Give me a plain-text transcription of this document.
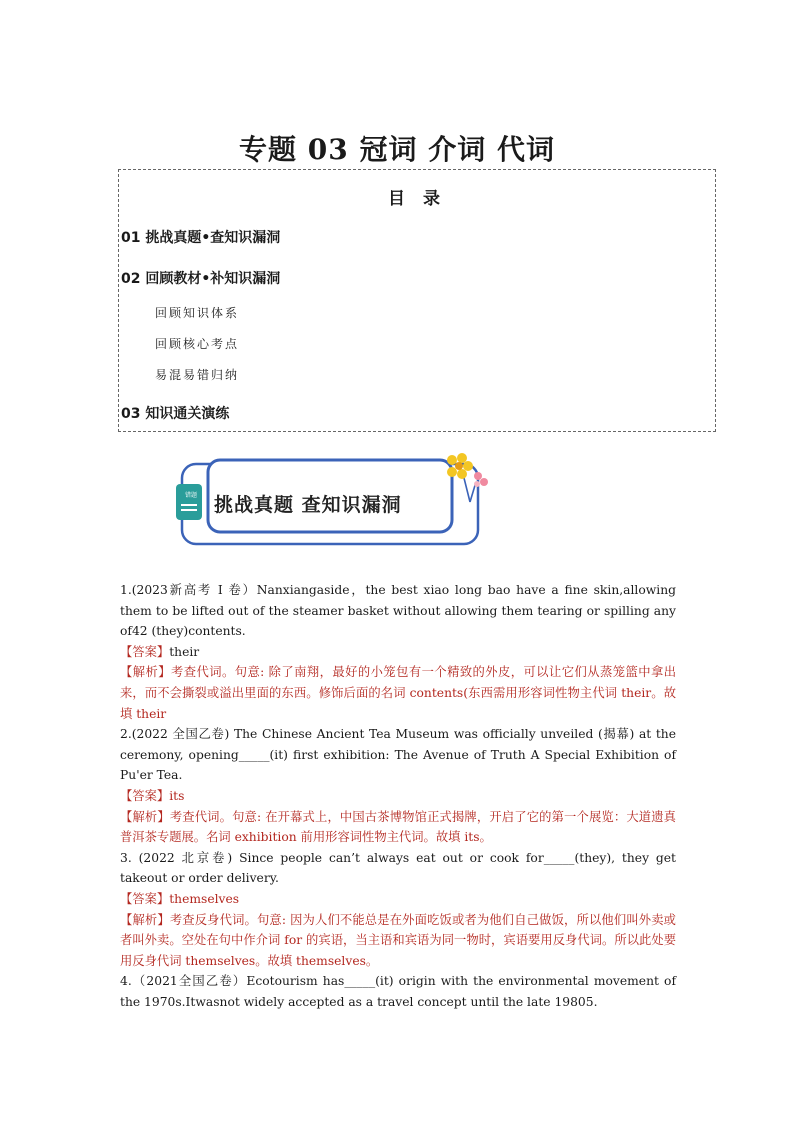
专题 03 冠词 介词 代词
目 录
01 挑战真题•查知识漏洞
02 回顾教材•补知识漏洞
回顾知识体系
回顾核心考点
易混易错归纳
03 知识通关演练
错题 挑战真题 查知识漏洞

1.(2023新高考 I 卷）Nanxiangaside，the best xiao long bao have a fine skin,allowing them to be lifted out of the steamer basket without allowing them tearing or spilling any of42 (they)contents.

【答案】their

【解析】考查代词。句意: 除了南翔，最好的小笼包有一个精致的外皮，可以让它们从蒸笼篮中拿出来，而不会撕裂或溢出里面的东西。修饰后面的名词 contents(东西需用形容词性物主代词 their。故填 their

2.(2022 全国乙卷) The Chinese Ancient Tea Museum was officially unveiled (揭幕) at the ceremony, opening_____(it) first exhibition: The Avenue of Truth A Special Exhibition of Pu'er Tea.

【答案】its

【解析】考查代词。句意: 在开幕式上，中国古茶博物馆正式揭牌，开启了它的第一个展览：大道遗真普洱茶专题展。名词 exhibition 前用形容词性物主代词。故填 its。

3. (2022 北京卷) Since people can’t always eat out or cook for_____(they), they get takeout or order delivery.

【答案】themselves

【解析】考查反身代词。句意: 因为人们不能总是在外面吃饭或者为他们自己做饭，所以他们叫外卖或者叫外卖。空处在句中作介词 for 的宾语，当主语和宾语为同一物时，宾语要用反身代词。所以此处要用反身代词 themselves。故填 themselves。

4.（2021全国乙卷）Ecotourism has_____(it) origin with the environmental movement of the 1970s.Itwasnot widely accepted as a travel concept until the late 19805.
